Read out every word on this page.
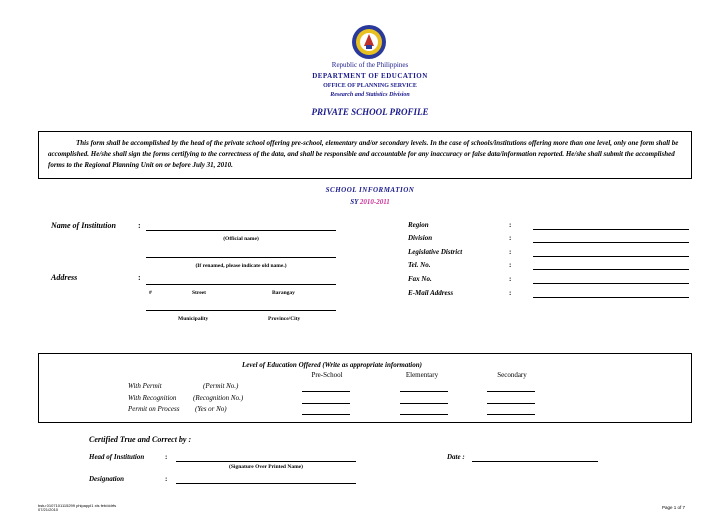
Republic of the Philippines
DEPARTMENT OF EDUCATION
OFFICE OF PLANNING SERVICE
Research and Statistics Division
PRIVATE SCHOOL PROFILE
This form shall be accomplished by the head of the private school offering pre-school, elementary and/or secondary levels. In the case of schools/institutions offering more than one level, only one form shall be accomplished. He/she shall sign the forms certifying to the correctness of the data, and shall be responsible and accountable for any inaccuracy or false data/information reported. He/she shall submit the accomplished forms to the Regional Planning Unit on or before July 31, 2010.
SCHOOL INFORMATION
SY 2010-2011
Name of Institution	:
(Official name)
(If renamed, please indicate old name.)
Address	:
#	Street	Barangay
Municipality	Province/City
Region	:
Division	:
Legislative District	:
Tel. No.	:
Fax No.	:
E-Mail Address	:
Level of Education Offered (Write as appropriate information)
Pre-School	Elementary	Secondary
With Permit	(Permit No.)
With Recognition (Recognition No.)
Permit on Process (Yes or No)
Certified True and Correct by :
Head of Institution	:
(Signature Over Printed Name)
Date :
Designation	:
bstu 0107101115299 phipappl1 xls feb/ddrfs
07/21/2010	Page 1 of 7
